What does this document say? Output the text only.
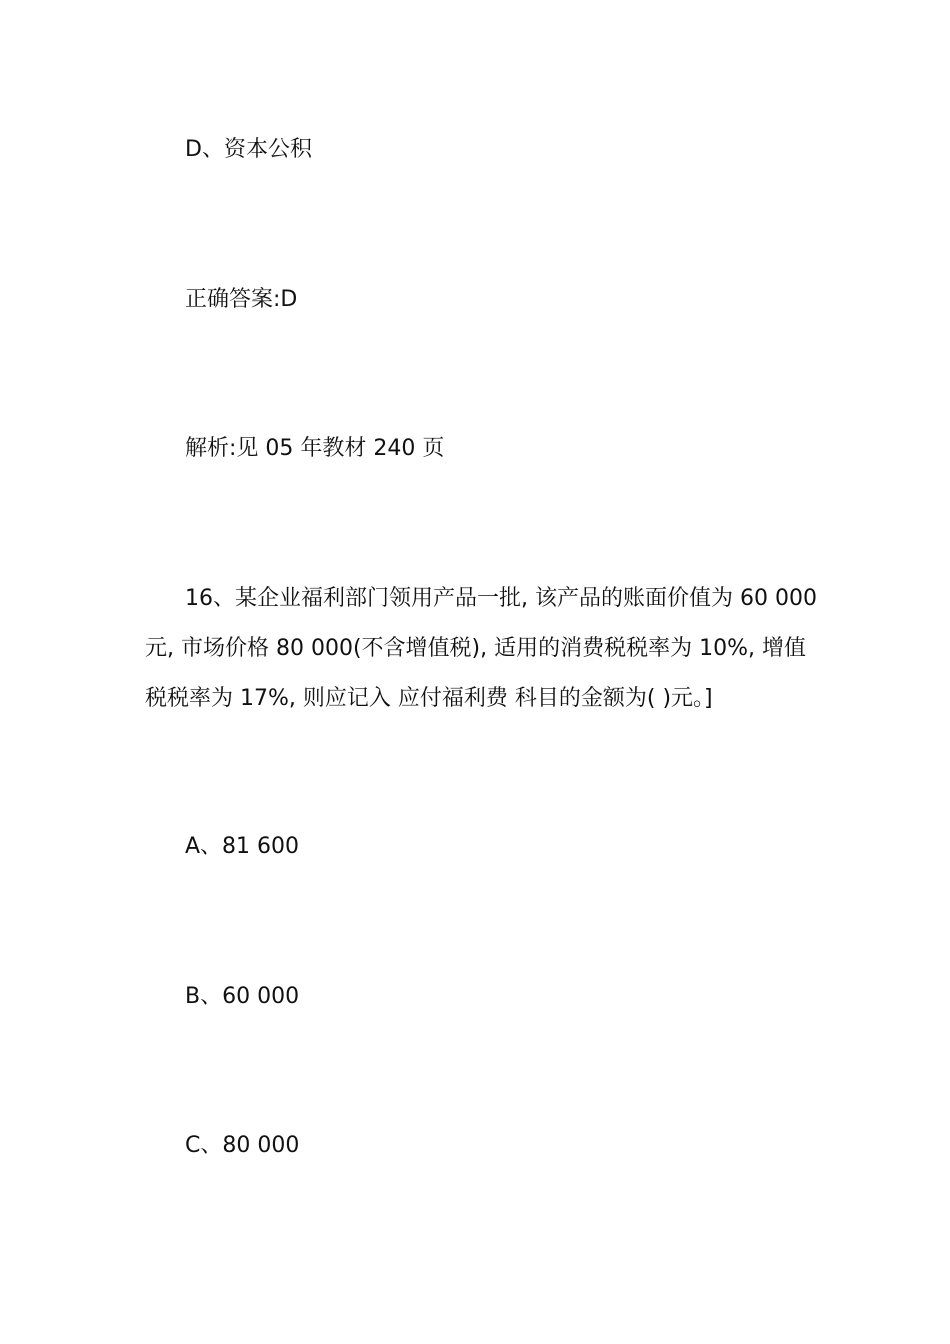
D、资本公积
正确答案:D
解析:见 05 年教材 240 页

16、某企业福利部门领用产品一批, 该产品的账面价值为 60 000 元, 市场价格 80 000(不含增值税), 适用的消费税税率为 10%, 增值税税率为 17%, 则应记入 应付福利费 科目的金额为( )元。]

A、81 600
B、60 000
C、80 000
